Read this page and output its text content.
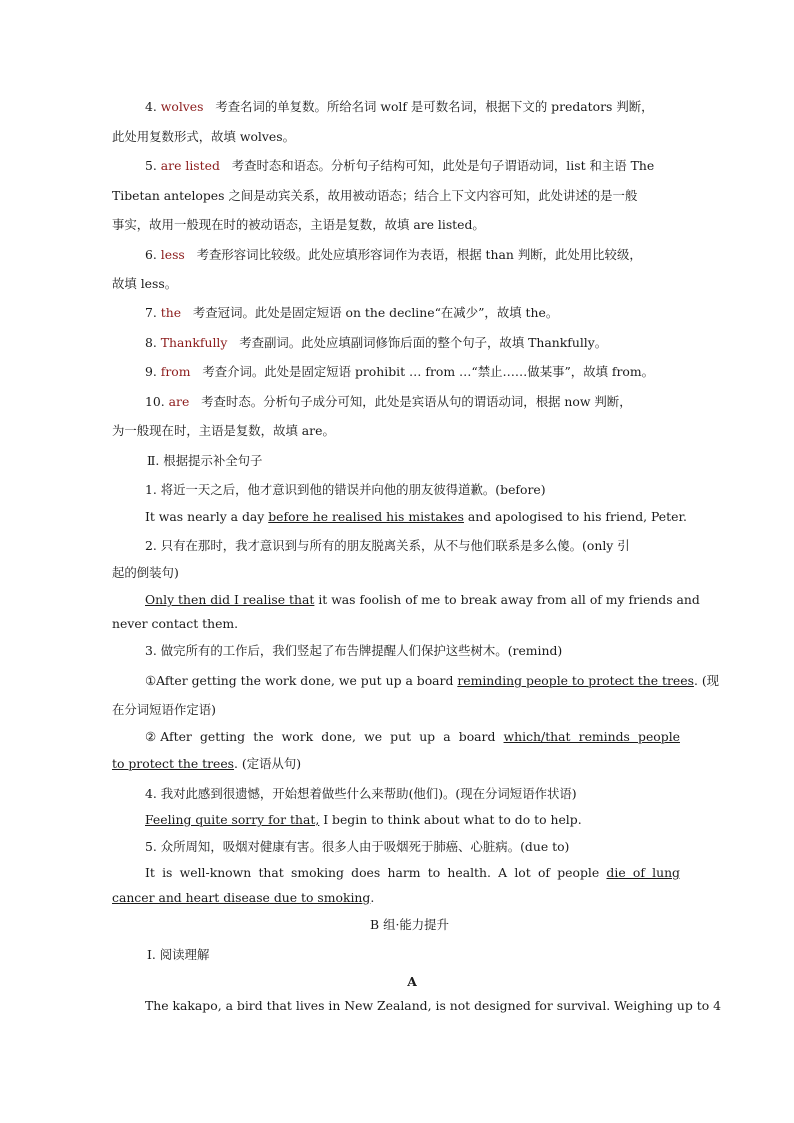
4. wolves 考查名词的单复数。所给名词 wolf 是可数名词，根据下文的 predators 判断，
此处用复数形式，故填 wolves。
5. are listed 考查时态和语态。分析句子结构可知，此处是句子谓语动词，list 和主语 The
Tibetan antelopes 之间是动宾关系，故用被动语态；结合上下文内容可知，此处讲述的是一般
事实，故用一般现在时的被动语态，主语是复数，故填 are listed。
6. less 考查形容词比较级。此处应填形容词作为表语，根据 than 判断，此处用比较级，
故填 less。
7. the 考查冠词。此处是固定短语 on the decline“在减少”，故填 the。
8. Thankfully 考查副词。此处应填副词修饰后面的整个句子，故填 Thankfully。
9. from 考查介词。此处是固定短语 prohibit … from …“禁止……做某事”，故填 from。
10. are 考查时态。分析句子成分可知，此处是宾语从句的谓语动词，根据 now 判断，
为一般现在时，主语是复数，故填 are。
Ⅱ. 根据提示补全句子
1. 将近一天之后，他才意识到他的错误并向他的朋友彼得道歉。(before)
It was nearly a day before he realised his mistakes and apologised to his friend, Peter.
2. 只有在那时，我才意识到与所有的朋友脱离关系，从不与他们联系是多么傻。(only 引
起的倒装句)
Only then did I realise that it was foolish of me to break away from all of my friends and
never contact them.
3. 做完所有的工作后，我们竖起了布告牌提醒人们保护这些树木。(remind)
①After getting the work done, we put up a board reminding people to protect the trees. (现
在分词短语作定语)
②After getting the work done, we put up a board which/that reminds people
to protect the trees. (定语从句)
4. 我对此感到很遗憾，开始想着做些什么来帮助(他们)。(现在分词短语作状语)
Feeling quite sorry for that, I begin to think about what to do to help.
5. 众所周知，吸烟对健康有害。很多人由于吸烟死于肺癌、心脏病。(due to)
It is well-known that smoking does harm to health. A lot of people die of lung
cancer and heart disease due to smoking.
B 组·能力提升
Ⅰ. 阅读理解
A
The kakapo, a bird that lives in New Zealand, is not designed for survival. Weighing up to 4
